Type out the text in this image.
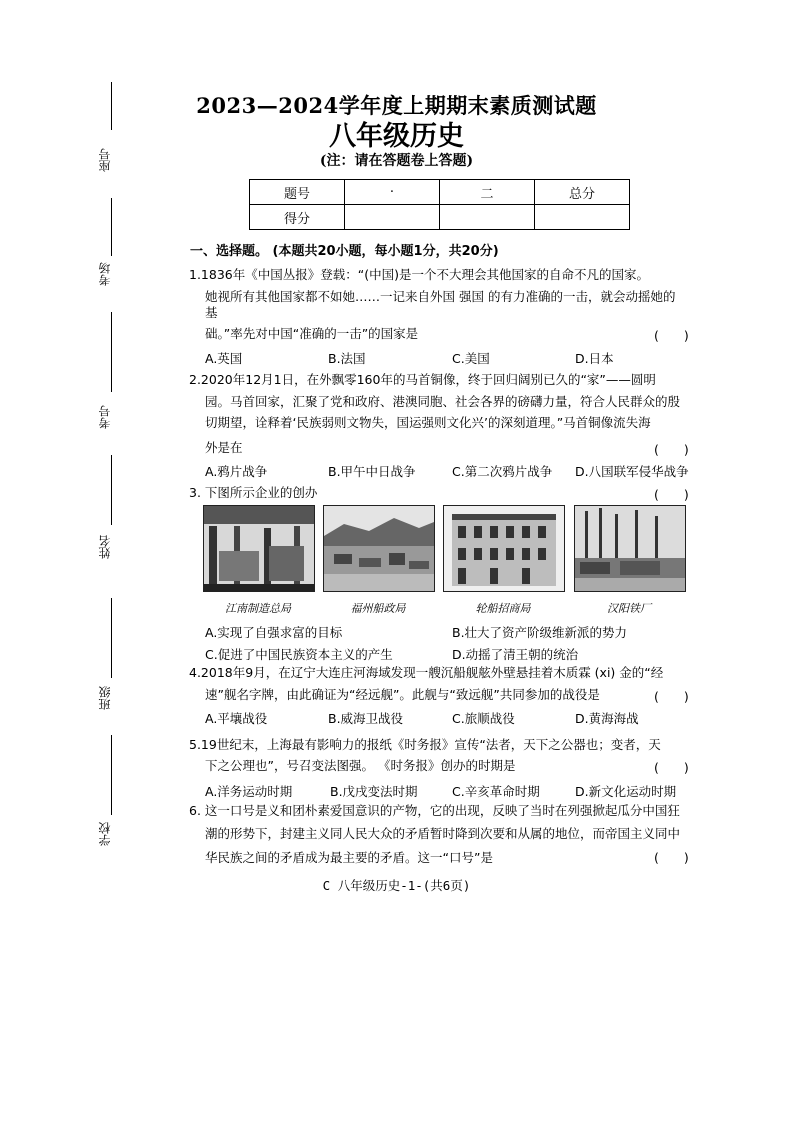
座号
考场
考号
姓名
班级
学校
2023—2024学年度上期期末素质测试题
八年级历史
(注：请在答题卷上答题)
题号	·	二	总分
得分			
一、选择题。 (本题共20小题，每小题1分，共20分)
1.1836年《中国丛报》登载：“(中国)是一个不大理会其他国家的自命不凡的国家。
她视所有其他国家都不如她……一记来自外国 强国 的有力准确的一击，就会动摇她的
基
础。”率先对中国“准确的一击”的国家是	(　　)
A.英国	B.法国	C.美国	D.日本
2.2020年12月1日，在外飘零160年的马首铜像，终于回归阔别已久的“家”——圆明
园。马首回家，汇聚了党和政府、港澳同胞、社会各界的磅礴力量，符合人民群众的殷
切期望，诠释着‘民族弱则文物失，国运强则文化兴’的深刻道理。”马首铜像流失海
外是在	(　　)
A.鸦片战争	B.甲午中日战争	C.第二次鸦片战争 D.八国联军侵华战争
3. 下图所示企业的创办	(　　)
江南制造总局	福州船政局	轮船招商局	汉阳铁厂
A.实现了自强求富的目标	B.壮大了资产阶级维新派的势力
C.促进了中国民族资本主义的产生	D.动摇了清王朝的统治
4.2018年9月，在辽宁大连庄河海域发现一艘沉船舰舷外壁悬挂着木质霖 (xi) 金的“经
速”舰名字牌，由此确证为“经远舰”。此舰与“致远舰”共同参加的战役是	(　　)
A.平壤战役	B.威海卫战役	C.旅顺战役	D.黄海海战
5.19世纪末，上海最有影响力的报纸《时务报》宣传“法者，天下之公器也；变者，天
下之公理也”，号召变法图强。 《时务报》创办的时期是	(　　)
A.洋务运动时期	B.戊戌变法时期	C.辛亥革命时期	D.新文化运动时期
6. 这一口号是义和团朴素爱国意识的产物，它的出现，反映了当时在列强掀起瓜分中国狂
潮的形势下，封建主义同人民大众的矛盾暂时降到次要和从属的地位，而帝国主义同中
华民族之间的矛盾成为最主要的矛盾。这一“口号”是	(　　)
C 八年级历史-1-(共6页)
